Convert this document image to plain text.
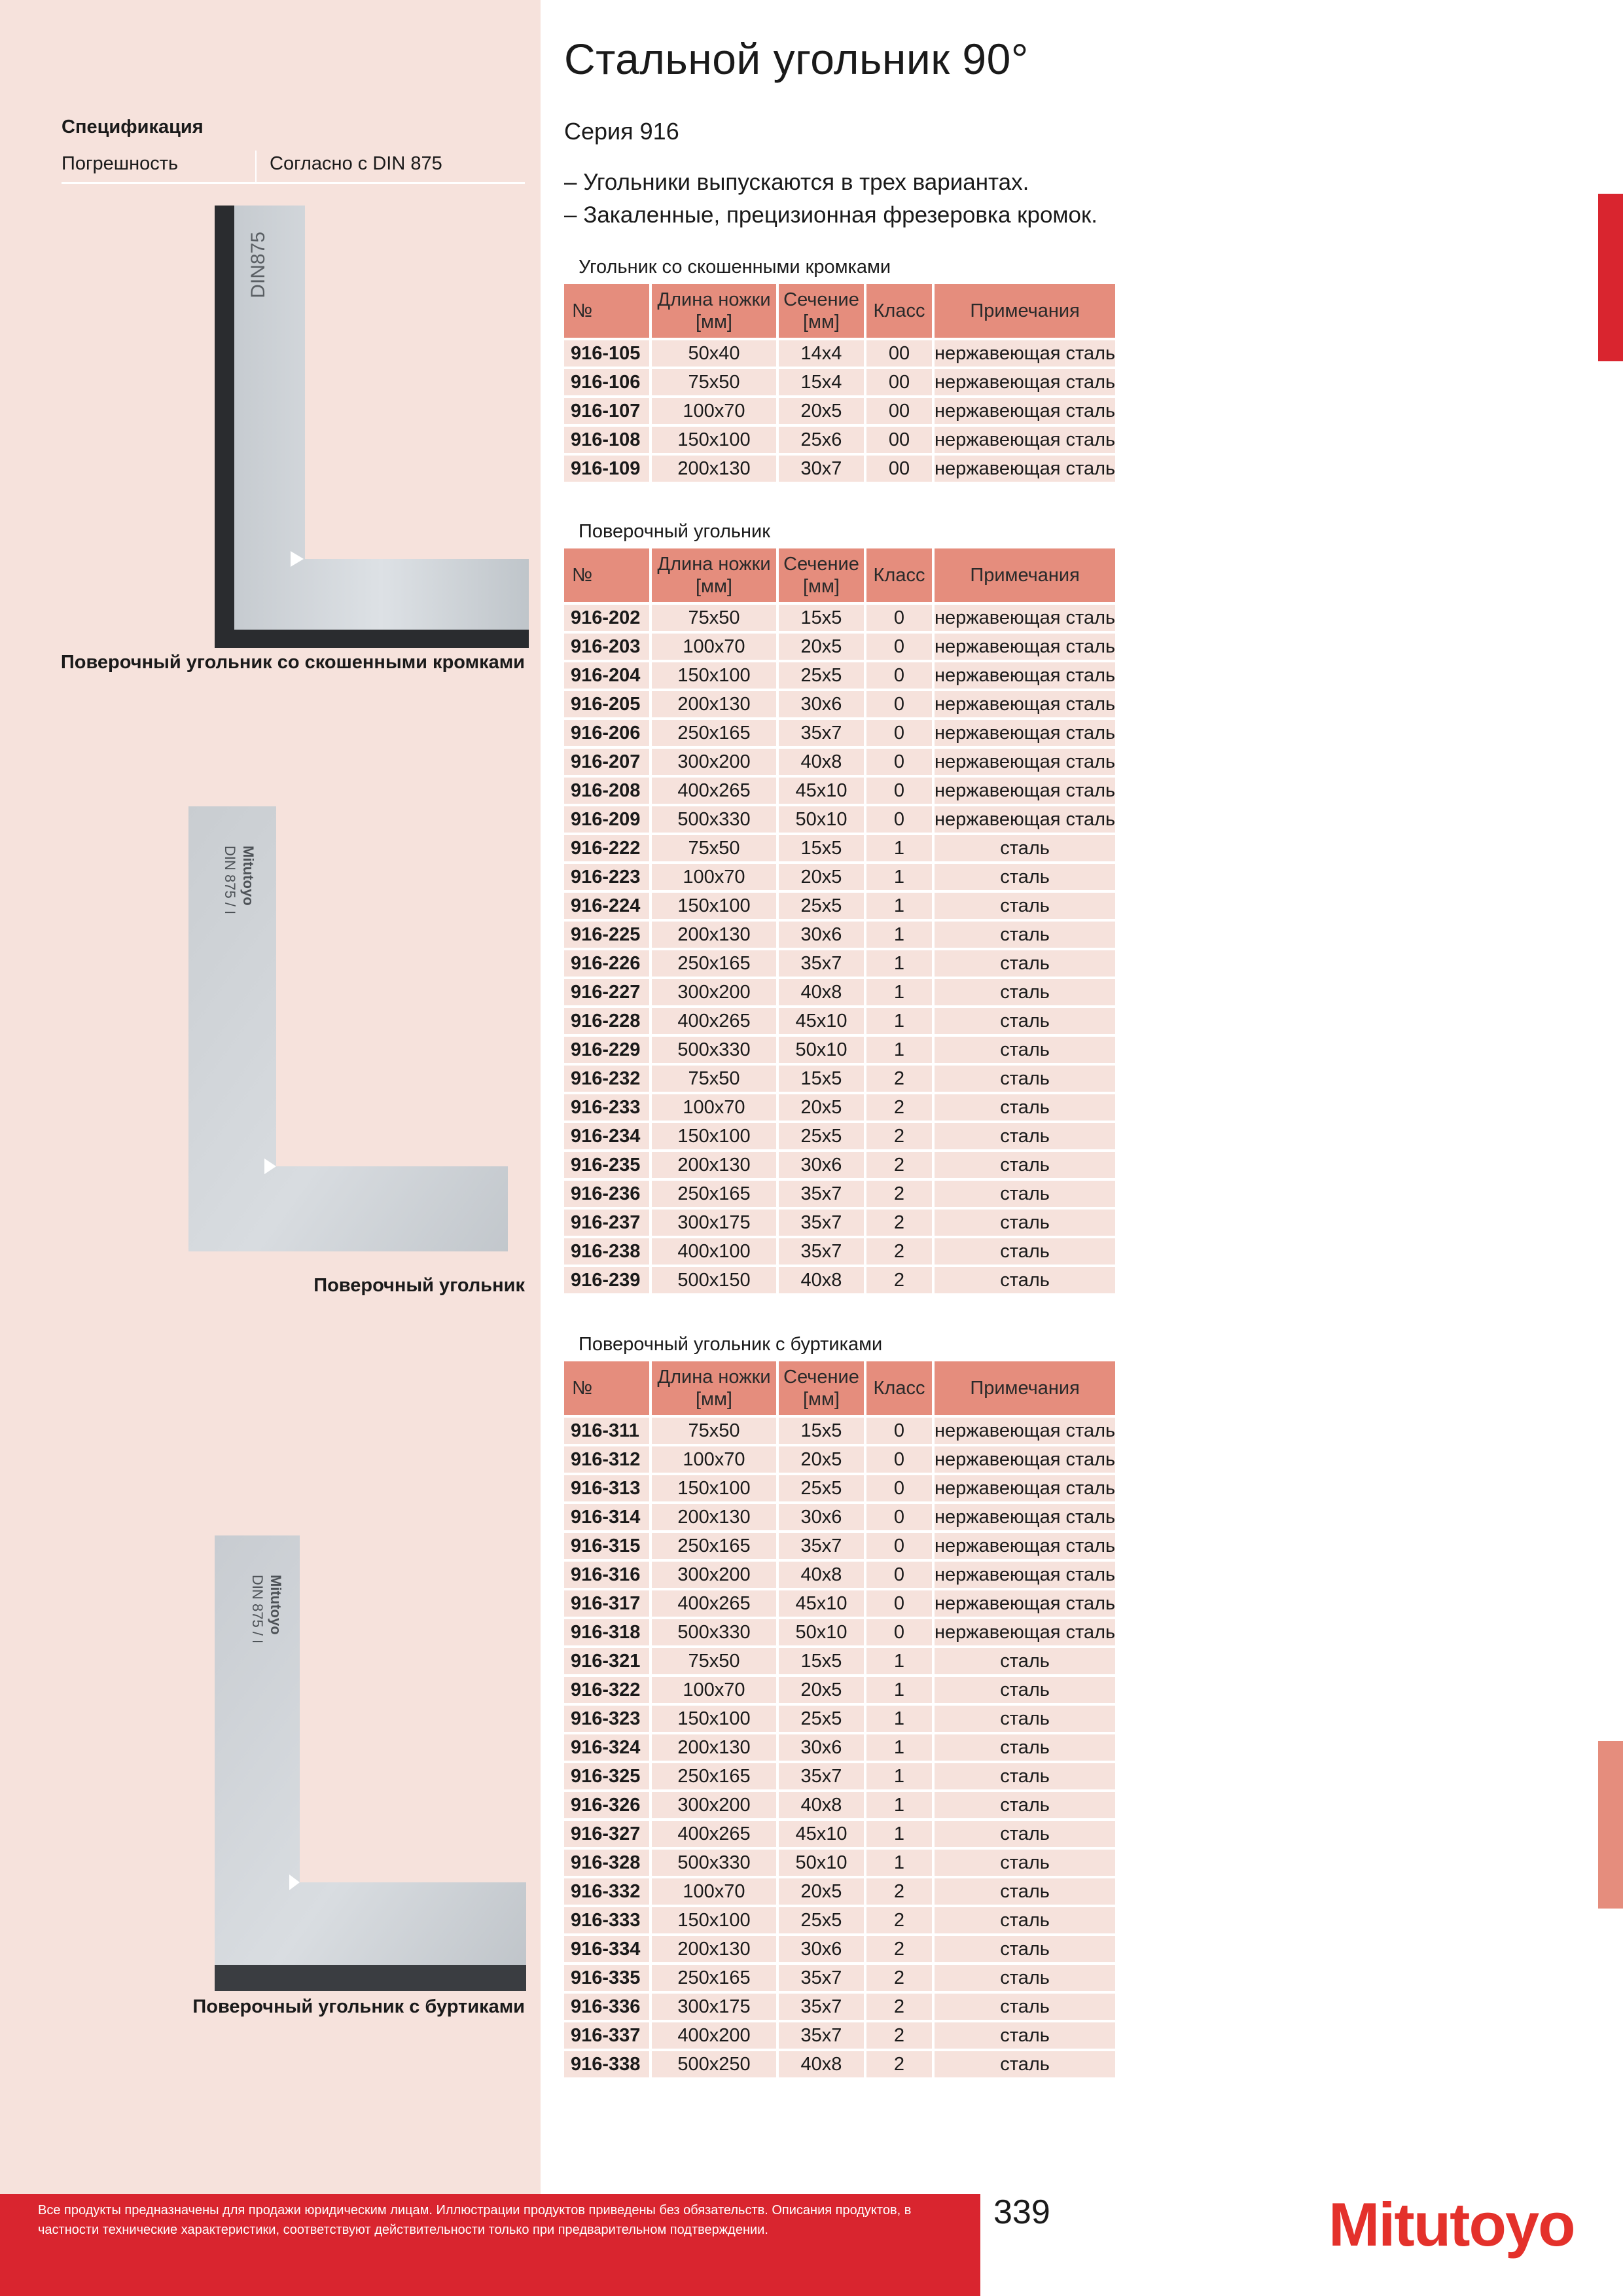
Спецификация
Погрешность	Согласно с DIN 875
DIN875
Поверочный угольник со скошенными кромками
DIN 875 / I Mitutoyo
Поверочный угольник
DIN 875 / I Mitutoyo
Поверочный угольник с буртиками
Стальной угольник 90°
Серия 916
– Угольники выпускаются в трех вариантах.
– Закаленные, прецизионная фрезеровка кромок.
Угольник со скошенными кромками
№	Длина ножки [мм]	Сечение [мм]	Класс	Примечания
916-105	50x40	14x4	00	нержавеющая сталь
916-106	75x50	15x4	00	нержавеющая сталь
916-107	100x70	20x5	00	нержавеющая сталь
916-108	150x100	25x6	00	нержавеющая сталь
916-109	200x130	30x7	00	нержавеющая сталь
Поверочный угольник
№	Длина ножки [мм]	Сечение [мм]	Класс	Примечания
916-202	75x50	15x5	0	нержавеющая сталь
916-203	100x70	20x5	0	нержавеющая сталь
916-204	150x100	25x5	0	нержавеющая сталь
916-205	200x130	30x6	0	нержавеющая сталь
916-206	250x165	35x7	0	нержавеющая сталь
916-207	300x200	40x8	0	нержавеющая сталь
916-208	400x265	45x10	0	нержавеющая сталь
916-209	500x330	50x10	0	нержавеющая сталь
916-222	75x50	15x5	1	сталь
916-223	100x70	20x5	1	сталь
916-224	150x100	25x5	1	сталь
916-225	200x130	30x6	1	сталь
916-226	250x165	35x7	1	сталь
916-227	300x200	40x8	1	сталь
916-228	400x265	45x10	1	сталь
916-229	500x330	50x10	1	сталь
916-232	75x50	15x5	2	сталь
916-233	100x70	20x5	2	сталь
916-234	150x100	25x5	2	сталь
916-235	200x130	30x6	2	сталь
916-236	250x165	35x7	2	сталь
916-237	300x175	35x7	2	сталь
916-238	400x100	35x7	2	сталь
916-239	500x150	40x8	2	сталь
Поверочный угольник с буртиками
№	Длина ножки [мм]	Сечение [мм]	Класс	Примечания
916-311	75x50	15x5	0	нержавеющая сталь
916-312	100x70	20x5	0	нержавеющая сталь
916-313	150x100	25x5	0	нержавеющая сталь
916-314	200x130	30x6	0	нержавеющая сталь
916-315	250x165	35x7	0	нержавеющая сталь
916-316	300x200	40x8	0	нержавеющая сталь
916-317	400x265	45x10	0	нержавеющая сталь
916-318	500x330	50x10	0	нержавеющая сталь
916-321	75x50	15x5	1	сталь
916-322	100x70	20x5	1	сталь
916-323	150x100	25x5	1	сталь
916-324	200x130	30x6	1	сталь
916-325	250x165	35x7	1	сталь
916-326	300x200	40x8	1	сталь
916-327	400x265	45x10	1	сталь
916-328	500x330	50x10	1	сталь
916-332	100x70	20x5	2	сталь
916-333	150x100	25x5	2	сталь
916-334	200x130	30x6	2	сталь
916-335	250x165	35x7	2	сталь
916-336	300x175	35x7	2	сталь
916-337	400x200	35x7	2	сталь
916-338	500x250	40x8	2	сталь
Все продукты предназначены для продажи юридическим лицам. Иллюстрации продуктов приведены без обязательств. Описания продуктов, в частности технические характеристики, соответствуют действительности только при предварительном подтверждении.	339	Mitutoyo
